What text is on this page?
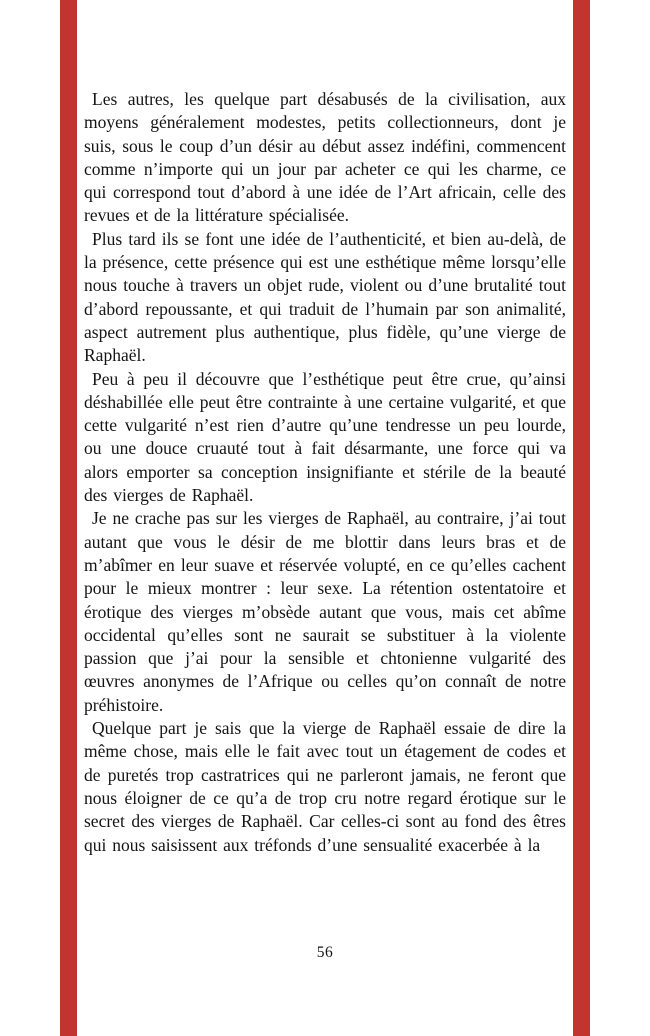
Les autres, les quelque part désabusés de la civilisation, aux moyens généralement modestes, petits collectionneurs, dont je suis, sous le coup d’un désir au début assez indéfini, commencent comme n’importe qui un jour par acheter ce qui les charme, ce qui correspond tout d’abord à une idée de l’Art africain, celle des revues et de la littérature spécialisée.

Plus tard ils se font une idée de l’authenticité, et bien au-delà, de la présence, cette présence qui est une esthétique même lorsqu’elle nous touche à travers un objet rude, violent ou d’une brutalité tout d’abord repoussante, et qui traduit de l’humain par son animalité, aspect autrement plus authentique, plus fidèle, qu’une vierge de Raphaël.

Peu à peu il découvre que l’esthétique peut être crue, qu’ainsi déshabillée elle peut être contrainte à une certaine vulgarité, et que cette vulgarité n’est rien d’autre qu’une tendresse un peu lourde, ou une douce cruauté tout à fait désarmante, une force qui va alors emporter sa conception insignifiante et stérile de la beauté des vierges de Raphaël.

Je ne crache pas sur les vierges de Raphaël, au contraire, j’ai tout autant que vous le désir de me blottir dans leurs bras et de m’abîmer en leur suave et réservée volupté, en ce qu’elles cachent pour le mieux montrer : leur sexe. La rétention ostentatoire et érotique des vierges m’obsède autant que vous, mais cet abîme occidental qu’elles sont ne saurait se substituer à la violente passion que j’ai pour la sensible et chtonienne vulgarité des œuvres anonymes de l’Afrique ou celles qu’on connaît de notre préhistoire.

Quelque part je sais que la vierge de Raphaël essaie de dire la même chose, mais elle le fait avec tout un étagement de codes et de puretés trop castratrices qui ne parleront jamais, ne feront que nous éloigner de ce qu’a de trop cru notre regard érotique sur le secret des vierges de Raphaël. Car celles-ci sont au fond des êtres qui nous saisissent aux tréfonds d’une sensualité exacerbée à la

56
